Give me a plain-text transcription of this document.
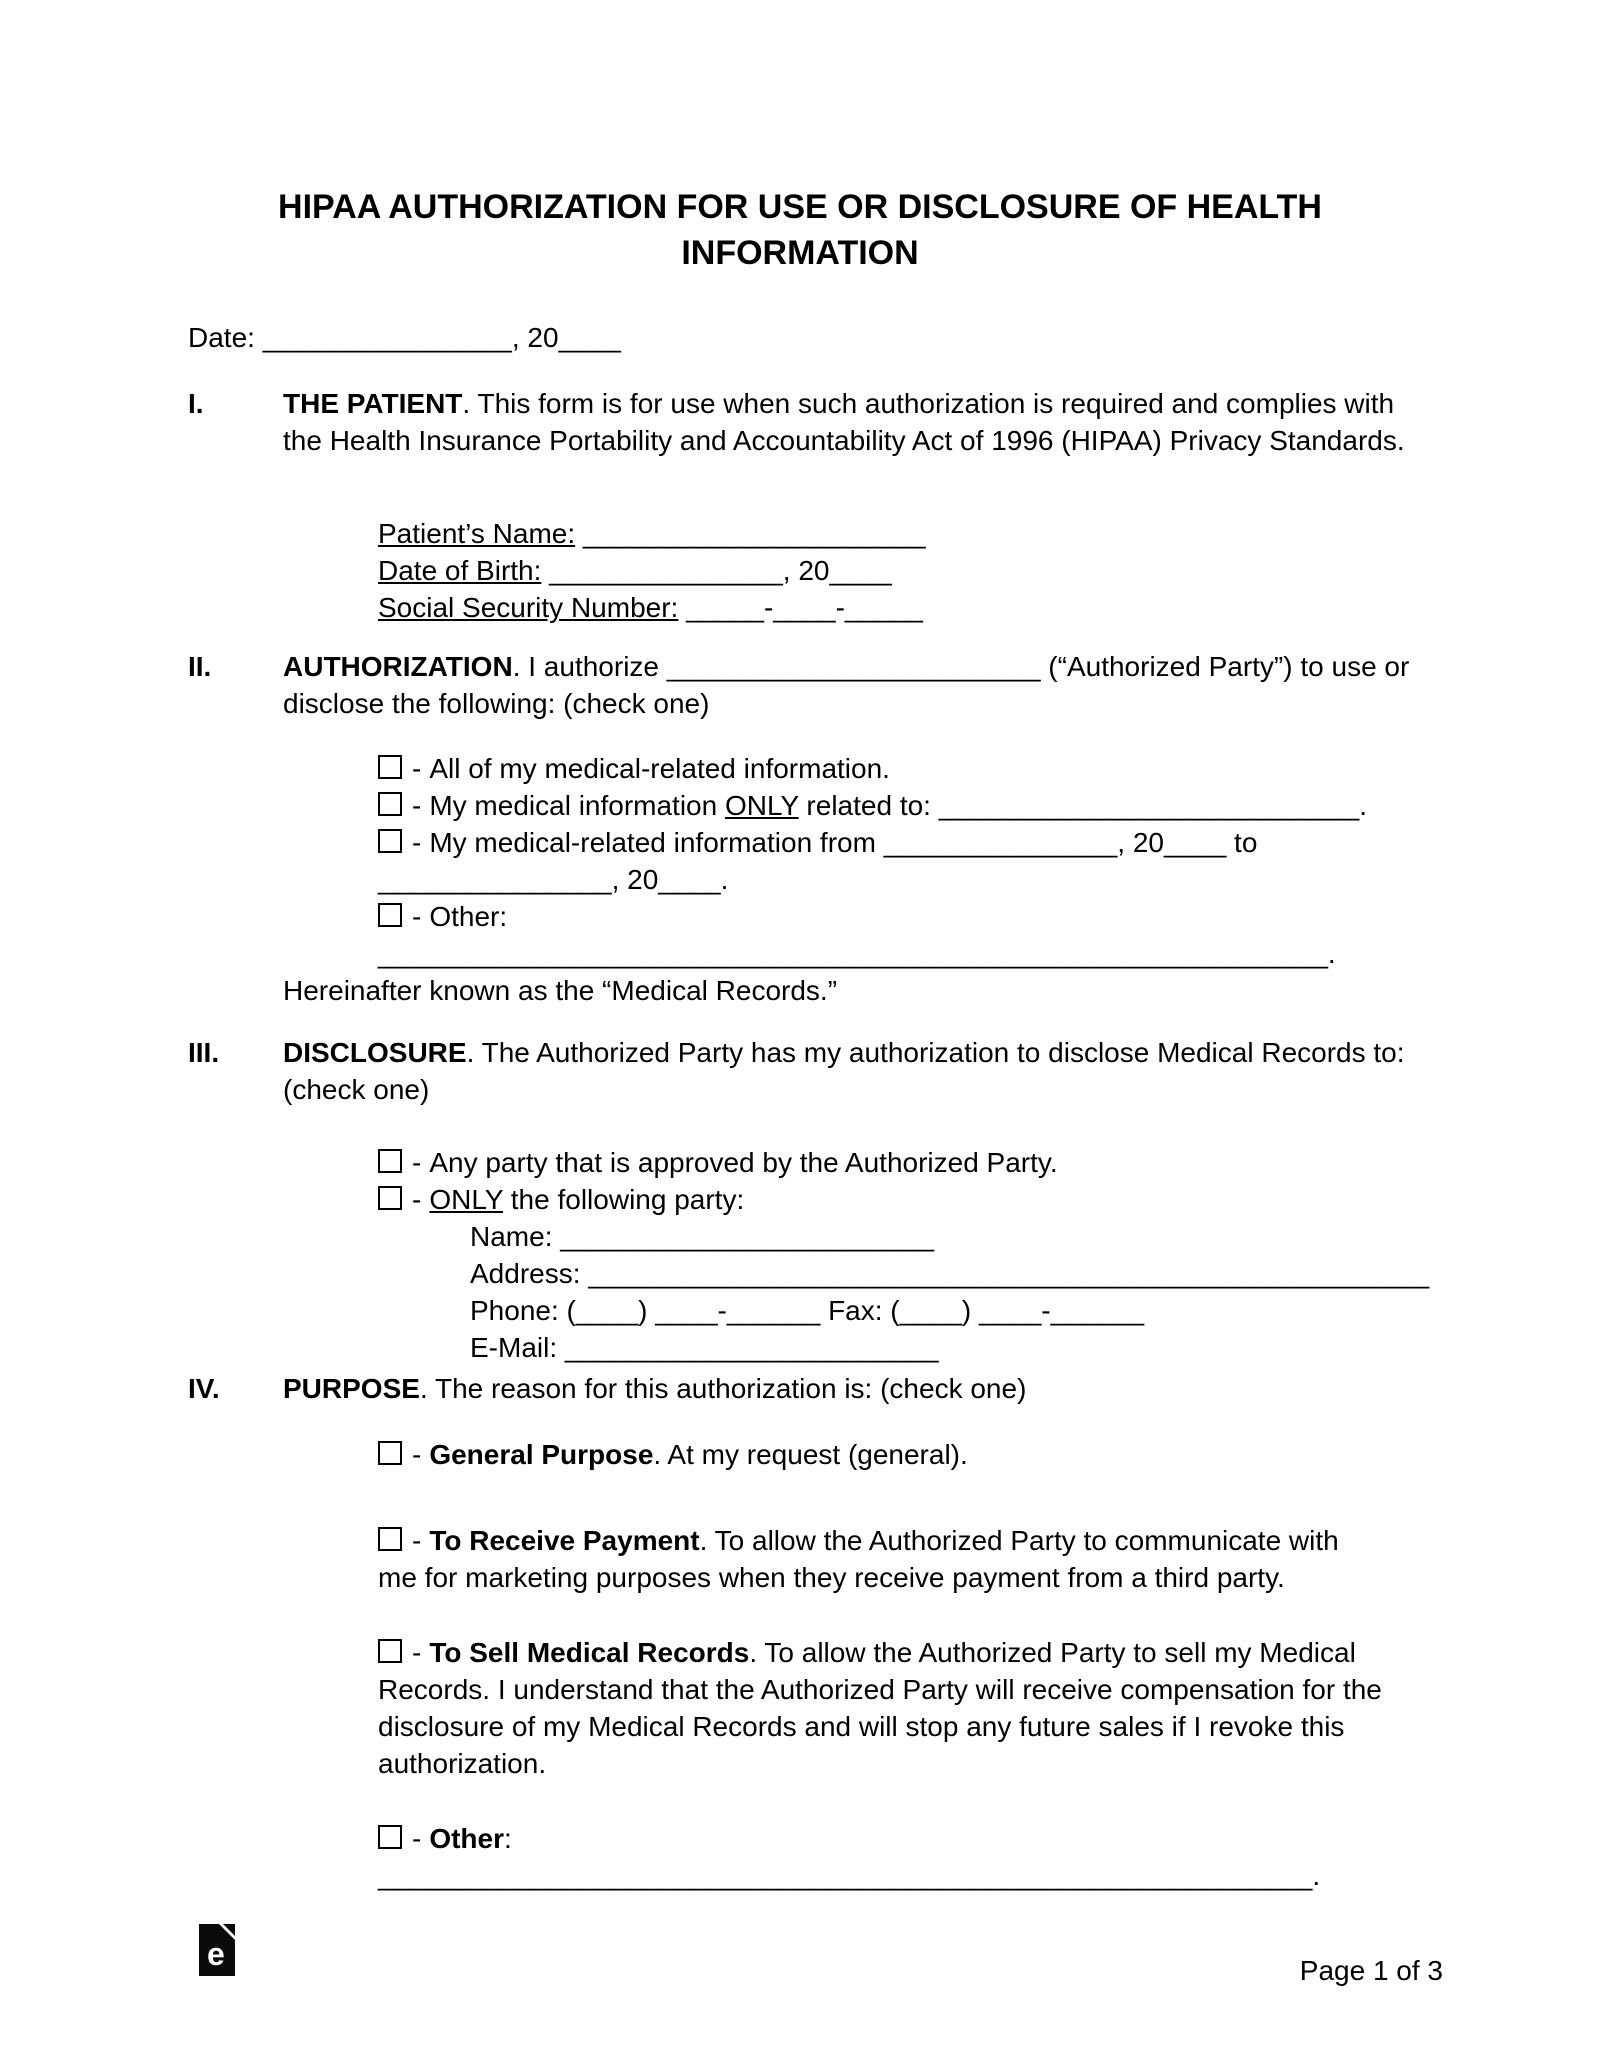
HIPAA AUTHORIZATION FOR USE OR DISCLOSURE OF HEALTH INFORMATION
Date: ________________, 20____
I.	THE PATIENT. This form is for use when such authorization is required and complies with the Health Insurance Portability and Accountability Act of 1996 (HIPAA) Privacy Standards.
Patient’s Name: ______________________
Date of Birth: _______________, 20____
Social Security Number: _____-____-_____
II.	AUTHORIZATION. I authorize ________________________ (“Authorized Party”) to use or disclose the following: (check one)
- All of my medical-related information.
- My medical information ONLY related to: ___________________________.
- My medical-related information from _______________, 20____ to
_______________, 20____.
- Other: _____________________________________________________________.
Hereinafter known as the “Medical Records.”
III.	DISCLOSURE. The Authorized Party has my authorization to disclose Medical Records to: (check one)
- Any party that is approved by the Authorized Party.
- ONLY the following party:
Name: ________________________
Address: ______________________________________________________
Phone: (____) ____-______ Fax: (____) ____-______
E-Mail: ________________________
IV.	PURPOSE. The reason for this authorization is: (check one)
- General Purpose. At my request (general).
- To Receive Payment. To allow the Authorized Party to communicate with me for marketing purposes when they receive payment from a third party.
- To Sell Medical Records. To allow the Authorized Party to sell my Medical Records. I understand that the Authorized Party will receive compensation for the disclosure of my Medical Records and will stop any future sales if I revoke this authorization.
- Other: ____________________________________________________________.
e	Page 1 of 3
